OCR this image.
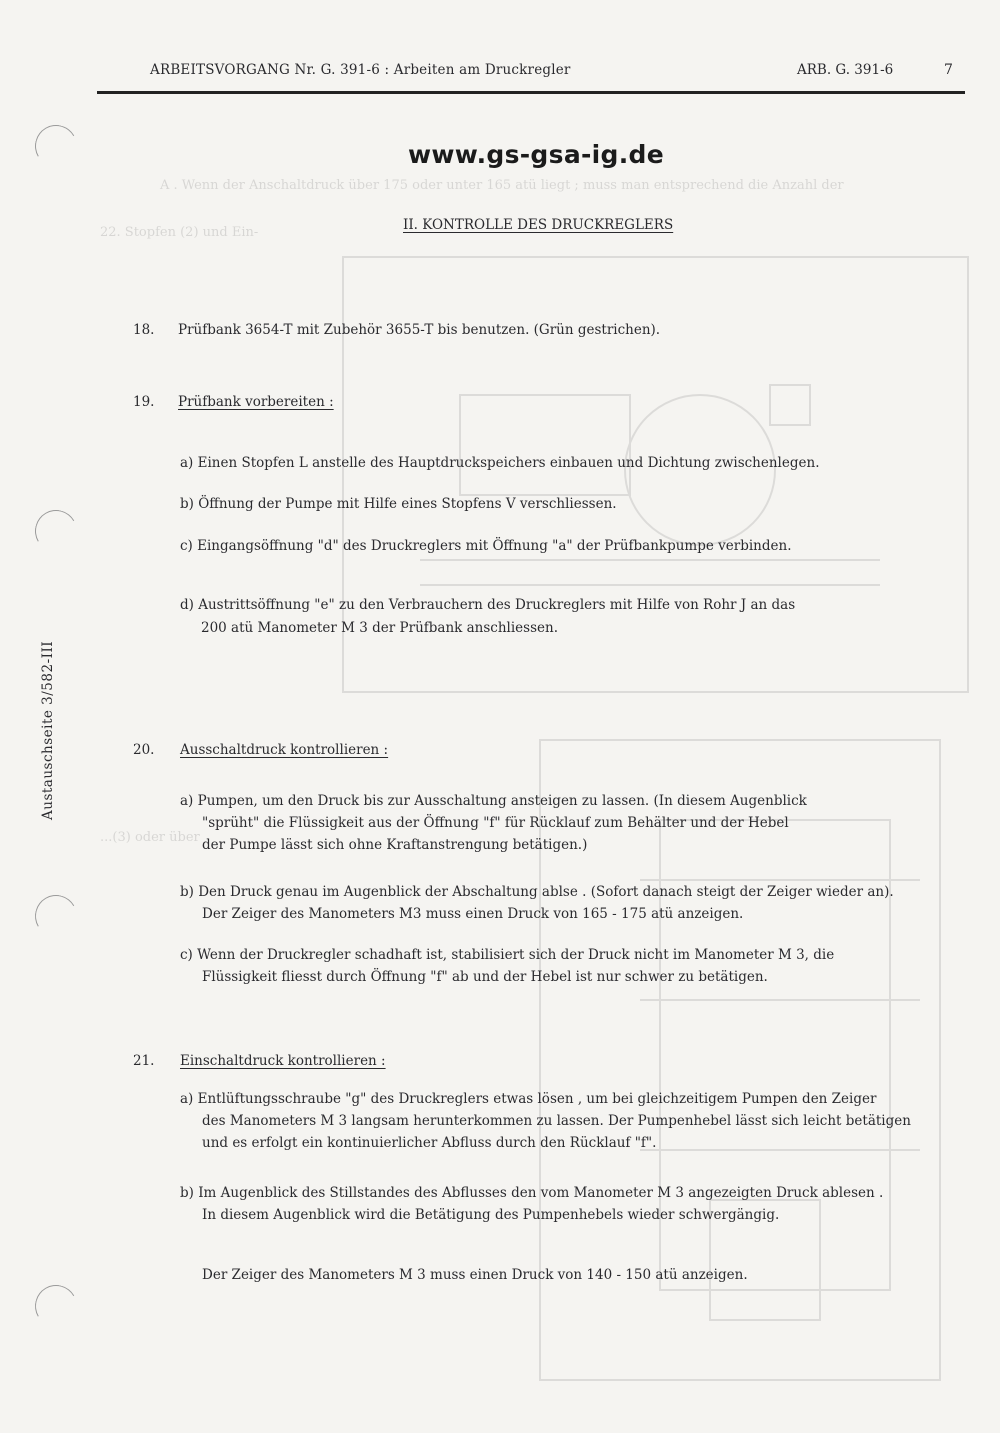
A . Wenn der Anschaltdruck über 175 oder unter 165 atü liegt ; muss man entsprechend die Anzahl der
22. Stopfen (2) und Ein-
...(3) oder über
ARBEITSVORGANG Nr. G. 391-6 : Arbeiten am Druckregler	ARB. G. 391-6	7
www.gs-gsa-ig.de
II. KONTROLLE DES DRUCKREGLERS
Austauschseite 3/582-III
18. Prüfbank 3654-T mit Zubehör 3655-T bis benutzen. (Grün gestrichen).
19. Prüfbank vorbereiten :
a) Einen Stopfen L anstelle des Hauptdruckspeichers einbauen und Dichtung zwischenlegen.
b) Öffnung der Pumpe mit Hilfe eines Stopfens V verschliessen.
c) Eingangsöffnung "d" des Druckreglers mit Öffnung "a" der Prüfbankpumpe verbinden.
d) Austrittsöffnung "e" zu den Verbrauchern des Druckreglers mit Hilfe von Rohr J an das
200 atü Manometer M 3 der Prüfbank anschliessen.
20. Ausschaltdruck kontrollieren :
a) Pumpen, um den Druck bis zur Ausschaltung ansteigen zu lassen. (In diesem Augenblick
"sprüht" die Flüssigkeit aus der Öffnung "f" für Rücklauf zum Behälter und der Hebel
der Pumpe lässt sich ohne Kraftanstrengung betätigen.)
b) Den Druck genau im Augenblick der Abschaltung ablse . (Sofort danach steigt der Zeiger wieder an).
Der Zeiger des Manometers M3 muss einen Druck von 165 - 175 atü anzeigen.
c) Wenn der Druckregler schadhaft ist, stabilisiert sich der Druck nicht im Manometer M 3, die
Flüssigkeit fliesst durch Öffnung "f" ab und der Hebel ist nur schwer zu betätigen.
21. Einschaltdruck kontrollieren :
a) Entlüftungsschraube "g" des Druckreglers etwas lösen , um bei gleichzeitigem Pumpen den Zeiger
des Manometers M 3 langsam herunterkommen zu lassen. Der Pumpenhebel lässt sich leicht betätigen
und es erfolgt ein kontinuierlicher Abfluss durch den Rücklauf "f".
b) Im Augenblick des Stillstandes des Abflusses den vom Manometer M 3 angezeigten Druck ablesen .
In diesem Augenblick wird die Betätigung des Pumpenhebels wieder schwergängig.
Der Zeiger des Manometers M 3 muss einen Druck von 140 - 150 atü anzeigen.
